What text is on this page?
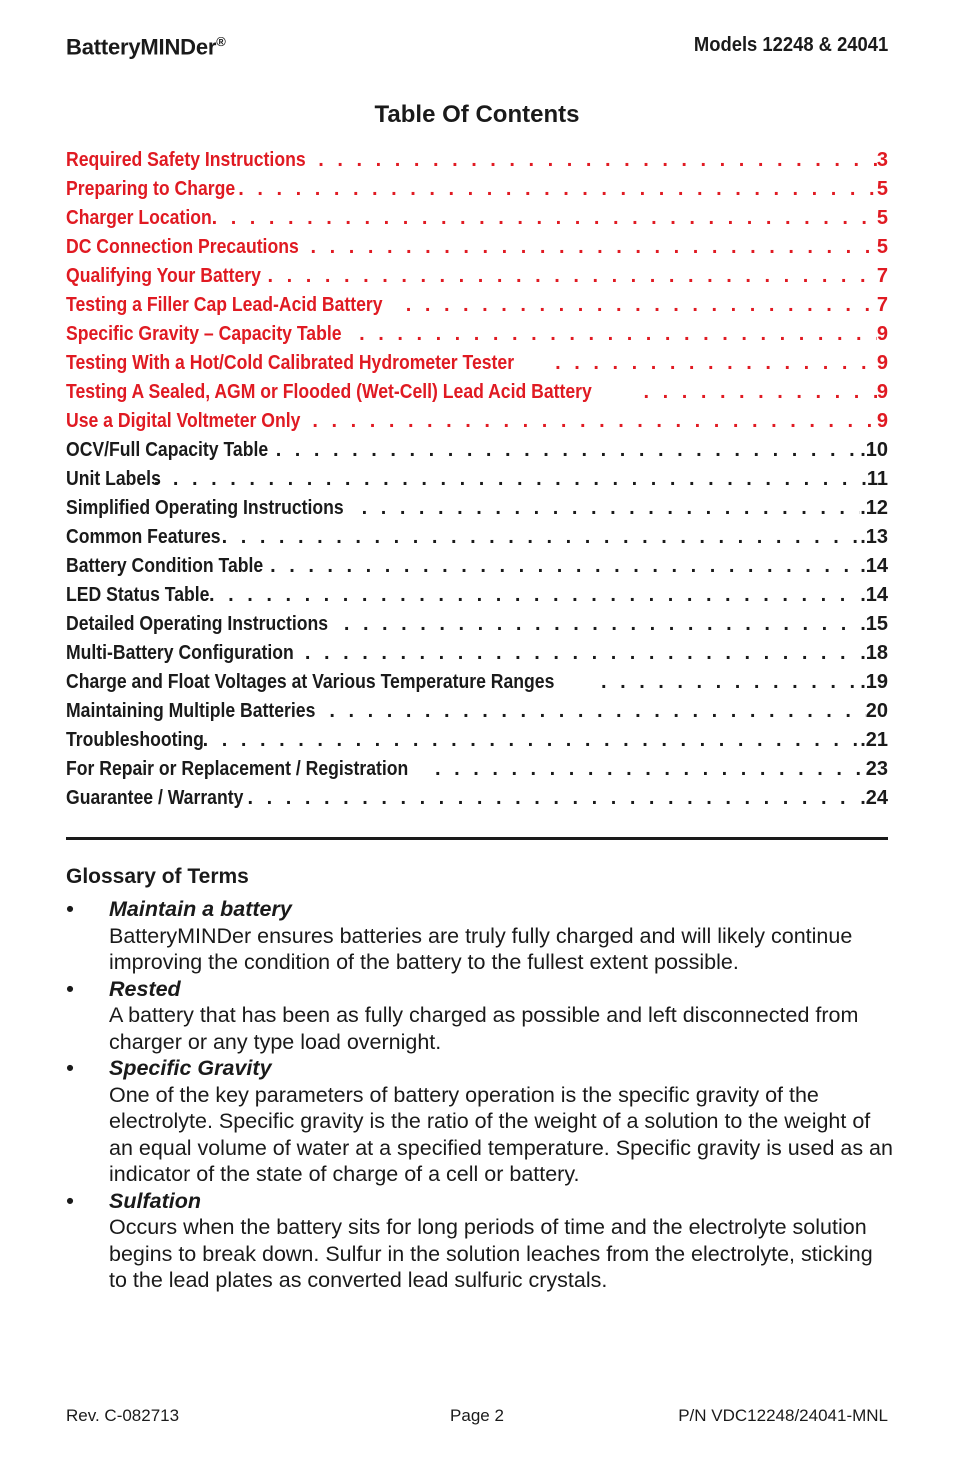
BatteryMINDer®	Models 12248 & 24041
Table Of Contents
Required Safety Instructions . . .	3
Preparing to Charge . . .	5
Charger Location . . .	5
DC Connection Precautions . . .	5
Qualifying Your Battery . . .	7
Testing a Filler Cap Lead-Acid Battery . . .	7
Specific Gravity – Capacity Table . . .	9
Testing With a Hot/Cold Calibrated Hydrometer Tester . . .	9
Testing A Sealed, AGM or Flooded (Wet-Cell) Lead Acid Battery . . .	9
Use a Digital Voltmeter Only . . .	9
OCV/Full Capacity Table . . .	.10
Unit Labels . . .	.11
Simplified Operating Instructions . . .	.12
Common Features . . .	.13
Battery Condition Table . . .	.14
LED Status Table . . .	.14
Detailed Operating Instructions . . .	.15
Multi-Battery Configuration . . .	.18
Charge and Float Voltages at Various Temperature Ranges . . .	.19
Maintaining Multiple Batteries . . .	20
Troubleshooting . . .	.21
For Repair or Replacement / Registration . . .	23
Guarantee / Warranty . . .	.24
Glossary of Terms
• Maintain a battery
BatteryMINDer ensures batteries are truly fully charged and will likely continue improving the condition of the battery to the fullest extent possible.
• Rested
A battery that has been as fully charged as possible and left disconnected from charger or any type load overnight.
• Specific Gravity
One of the key parameters of battery operation is the specific gravity of the electrolyte. Specific gravity is the ratio of the weight of a solution to the weight of an equal volume of water at a specified temperature. Specific gravity is used as an indicator of the state of charge of a cell or battery.
• Sulfation
Occurs when the battery sits for long periods of time and the electrolyte solution begins to break down. Sulfur in the solution leaches from the electrolyte, sticking to the lead plates as converted lead sulfuric crystals.
Rev. C-082713	Page 2	P/N VDC12248/24041-MNL
